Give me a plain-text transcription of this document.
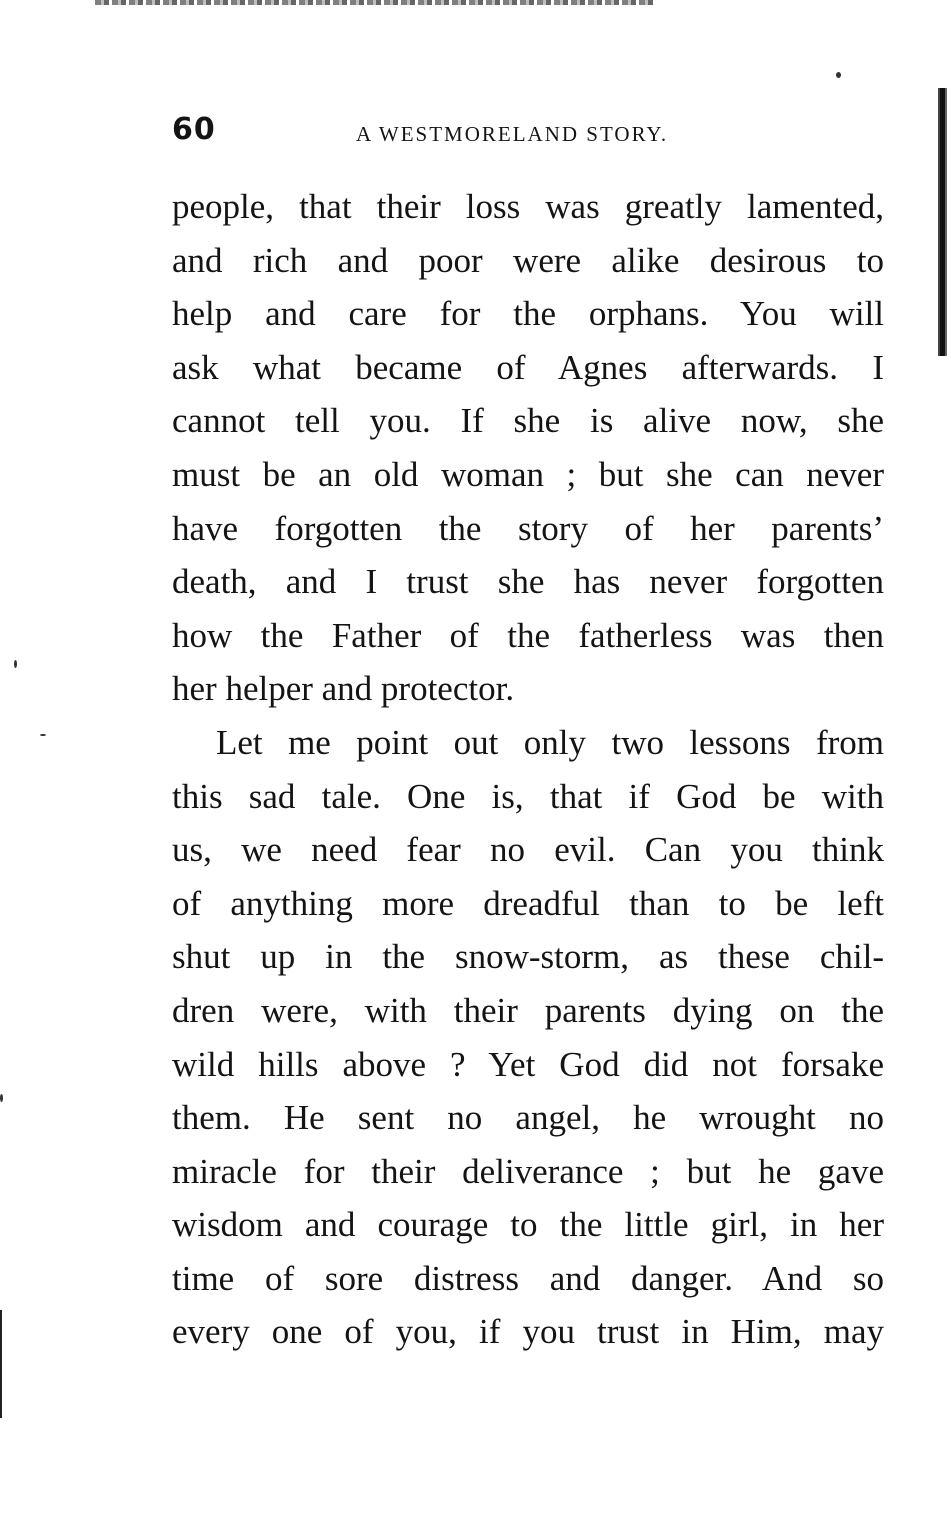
60	A WESTMORELAND STORY.
people, that their loss was greatly lamented,
and rich and poor were alike desirous to
help and care for the orphans. You will
ask what became of Agnes afterwards. I
cannot tell you. If she is alive now, she
must be an old woman ; but she can never
have forgotten the story of her parents’
death, and I trust she has never forgotten
how the Father of the fatherless was then
her helper and protector.
Let me point out only two lessons from
this sad tale. One is, that if God be with
us, we need fear no evil. Can you think
of anything more dreadful than to be left
shut up in the snow-storm, as these chil-
dren were, with their parents dying on the
wild hills above ? Yet God did not forsake
them. He sent no angel, he wrought no
miracle for their deliverance ; but he gave
wisdom and courage to the little girl, in her
time of sore distress and danger. And so
every one of you, if you trust in Him, may
